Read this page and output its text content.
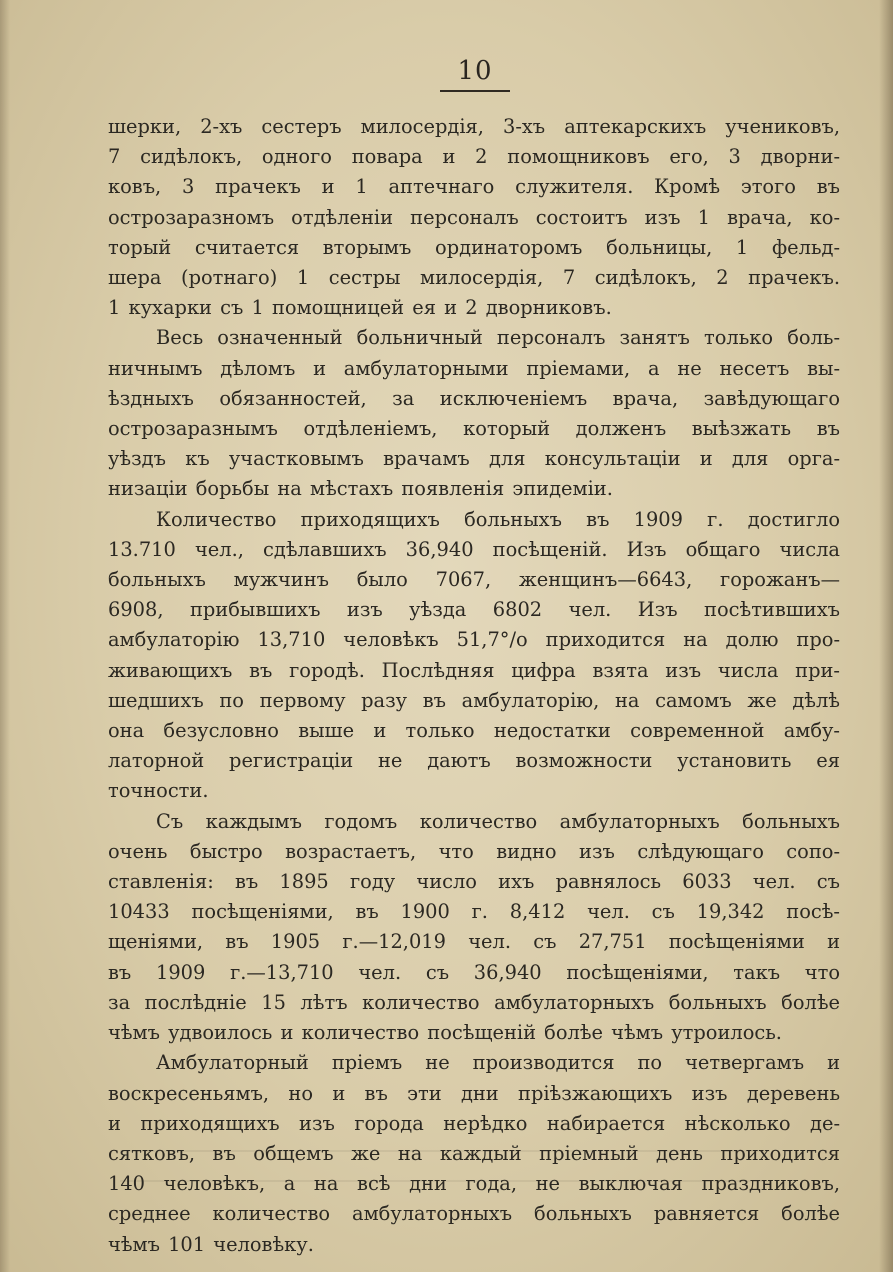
10
шерки, 2-хъ сестеръ милосердія, 3-хъ аптекарскихъ учениковъ,
7 сидѣлокъ, одного повара и 2 помощниковъ его, 3 дворни-
ковъ, 3 прачекъ и 1 аптечнаго служителя. Кромѣ этого въ
острозаразномъ отдѣленіи персоналъ состоитъ изъ 1 врача, ко-
торый считается вторымъ ординаторомъ больницы, 1 фельд-
шера (ротнаго) 1 сестры милосердія, 7 сидѣлокъ, 2 прачекъ.
1 кухарки съ 1 помощницей ея и 2 дворниковъ.
Весь означенный больничный персоналъ занятъ только боль-
ничнымъ дѣломъ и амбулаторными пріемами, а не несетъ вы-
ѣздныхъ обязанностей, за исключеніемъ врача, завѣдующаго
острозаразнымъ отдѣленіемъ, который долженъ выѣзжать въ
уѣздъ къ участковымъ врачамъ для консультаціи и для орга-
низаціи борьбы на мѣстахъ появленія эпидеміи.
Количество приходящихъ больныхъ въ 1909 г. достигло
13.710 чел., сдѣлавшихъ 36,940 посѣщеній. Изъ общаго числа
больныхъ мужчинъ было 7067, женщинъ—6643, горожанъ—
6908, прибывшихъ изъ уѣзда 6802 чел. Изъ посѣтившихъ
амбулаторію 13,710 человѣкъ 51,7°/о приходится на долю про-
живающихъ въ городѣ. Послѣдняя цифра взята изъ числа при-
шедшихъ по первому разу въ амбулаторію, на самомъ же дѣлѣ
она безусловно выше и только недостатки современной амбу-
латорной регистраціи не даютъ возможности установить ея
точности.
Съ каждымъ годомъ количество амбулаторныхъ больныхъ
очень быстро возрастаетъ, что видно изъ слѣдующаго сопо-
ставленія: въ 1895 году число ихъ равнялось 6033 чел. съ
10433 посѣщеніями, въ 1900 г. 8,412 чел. съ 19,342 посѣ-
щеніями, въ 1905 г.—12,019 чел. съ 27,751 посѣщеніями и
въ 1909 г.—13,710 чел. съ 36,940 посѣщеніями, такъ что
за послѣдніе 15 лѣтъ количество амбулаторныхъ больныхъ болѣе
чѣмъ удвоилось и количество посѣщеній болѣе чѣмъ утроилось.
Амбулаторный пріемъ не производится по четвергамъ и
воскресеньямъ, но и въ эти дни пріѣзжающихъ изъ деревень
и приходящихъ изъ города нерѣдко набирается нѣсколько де-
сятковъ, въ общемъ же на каждый пріемный день приходится
140 человѣкъ, а на всѣ дни года, не выключая праздниковъ,
среднее количество амбулаторныхъ больныхъ равняется болѣе
чѣмъ 101 человѣку.
